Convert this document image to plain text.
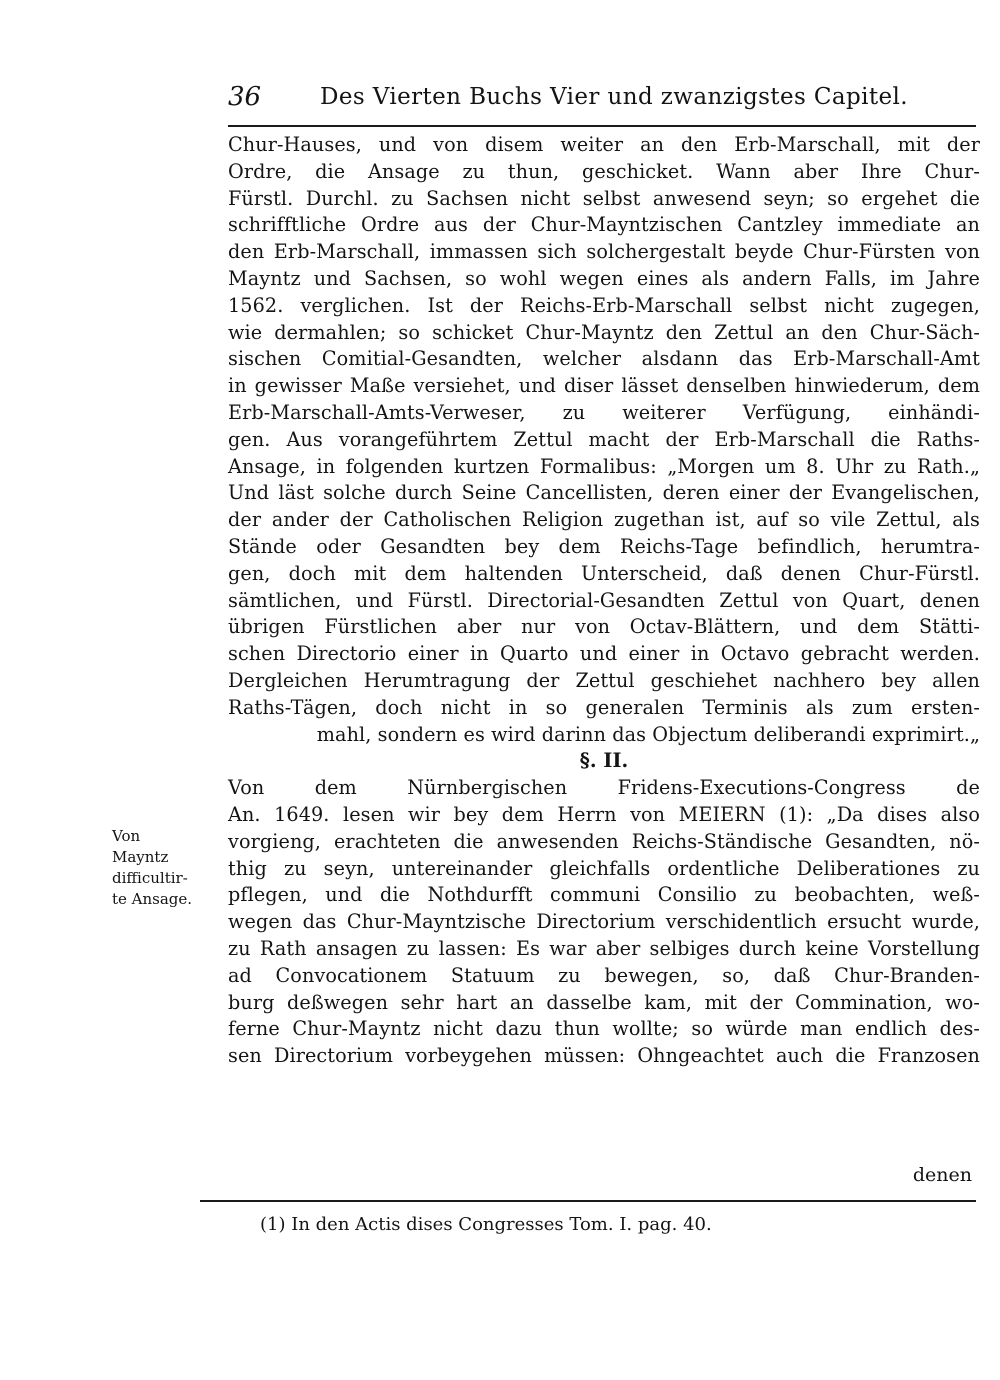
36	Des Vierten Buchs Vier und zwanzigstes Capitel.
Chur-Hauses, und von disem weiter an den Erb-Marschall, mit der
Ordre, die Ansage zu thun, geschicket. Wann aber Ihre Chur-
Fürstl. Durchl. zu Sachsen nicht selbst anwesend seyn; so ergehet die
schrifftliche Ordre aus der Chur-Mayntzischen Cantzley immediate an
den Erb-Marschall, immassen sich solchergestalt beyde Chur-Fürsten von
Mayntz und Sachsen, so wohl wegen eines als andern Falls, im Jahre
1562. verglichen. Ist der Reichs-Erb-Marschall selbst nicht zugegen,
wie dermahlen; so schicket Chur-Mayntz den Zettul an den Chur-Säch-
sischen Comitial-Gesandten, welcher alsdann das Erb-Marschall-Amt
in gewisser Maße versiehet, und diser lässet denselben hinwiederum, dem
Erb-Marschall-Amts-Verweser, zu weiterer Verfügung, einhändi-
gen. Aus vorangeführtem Zettul macht der Erb-Marschall die Raths-
Ansage, in folgenden kurtzen Formalibus: „Morgen um 8. Uhr zu Rath.„
Und läst solche durch Seine Cancellisten, deren einer der Evangelischen,
der ander der Catholischen Religion zugethan ist, auf so vile Zettul, als
Stände oder Gesandten bey dem Reichs-Tage befindlich, herumtra-
gen, doch mit dem haltenden Unterscheid, daß denen Chur-Fürstl.
sämtlichen, und Fürstl. Directorial-Gesandten Zettul von Quart, denen
übrigen Fürstlichen aber nur von Octav-Blättern, und dem Stätti-
schen Directorio einer in Quarto und einer in Octavo gebracht werden.
Dergleichen Herumtragung der Zettul geschiehet nachhero bey allen
Raths-Tägen, doch nicht in so generalen Terminis als zum ersten-
mahl, sondern es wird darinn das Objectum deliberandi exprimirt.„
§. II.
Von dem Nürnbergischen Fridens-Executions-Congress de
An. 1649. lesen wir bey dem Herrn von MEIERN (1): „Da dises also
vorgieng, erachteten die anwesenden Reichs-Ständische Gesandten, nö-
thig zu seyn, untereinander gleichfalls ordentliche Deliberationes zu
pflegen, und die Nothdurfft communi Consilio zu beobachten, weß-
wegen das Chur-Mayntzische Directorium verschidentlich ersucht wurde,
zu Rath ansagen zu lassen: Es war aber selbiges durch keine Vorstellung
ad Convocationem Statuum zu bewegen, so, daß Chur-Branden-
burg deßwegen sehr hart an dasselbe kam, mit der Commination, wo-
ferne Chur-Mayntz nicht dazu thun wollte; so würde man endlich des-
sen Directorium vorbeygehen müssen: Ohngeachtet auch die Franzosen
denen
Von
Mayntz
difficultir-
te Ansage.
(1) In den Actis dises Congresses Tom. I. pag. 40.
